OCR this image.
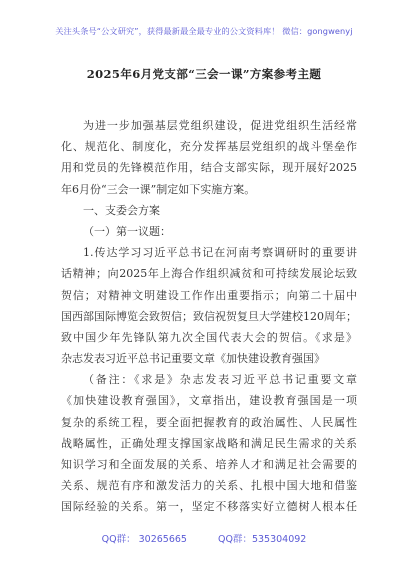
关注头条号“公文研究”，获得最新最全最专业的公文资料库！ 微信：gongwenyj
2025年6月党支部“三会一课”方案参考主题
为进一步加强基层党组织建设，促进党组织生活经常
化、规范化、制度化，充分发挥基层党组织的战斗堡垒作
用和党员的先锋模范作用，结合支部实际，现开展好2025
年6月份“三会一课”制定如下实施方案。
一、支委会方案
（一）第一议题：
1.传达学习习近平总书记在河南考察调研时的重要讲
话精神；向2025年上海合作组织减贫和可持续发展论坛致
贺信；对精神文明建设工作作出重要指示；向第二十届中
国西部国际博览会致贺信；致信祝贺复旦大学建校120周年；
致中国少年先锋队第九次全国代表大会的贺信。《求是》
杂志发表习近平总书记重要文章《加快建设教育强国》
（备注：《求是》杂志发表习近平总书记重要文章
《加快建设教育强国》，文章指出，建设教育强国是一项
复杂的系统工程，要全面把握教育的政治属性、人民属性
战略属性，正确处理支撑国家战略和满足民生需求的关系
知识学习和全面发展的关系、培养人才和满足社会需要的
关系、规范有序和激发活力的关系、扎根中国大地和借鉴
国际经验的关系。第一，坚定不移落实好立德树人根本任
QQ群： 30265665	QQ群：535304092
